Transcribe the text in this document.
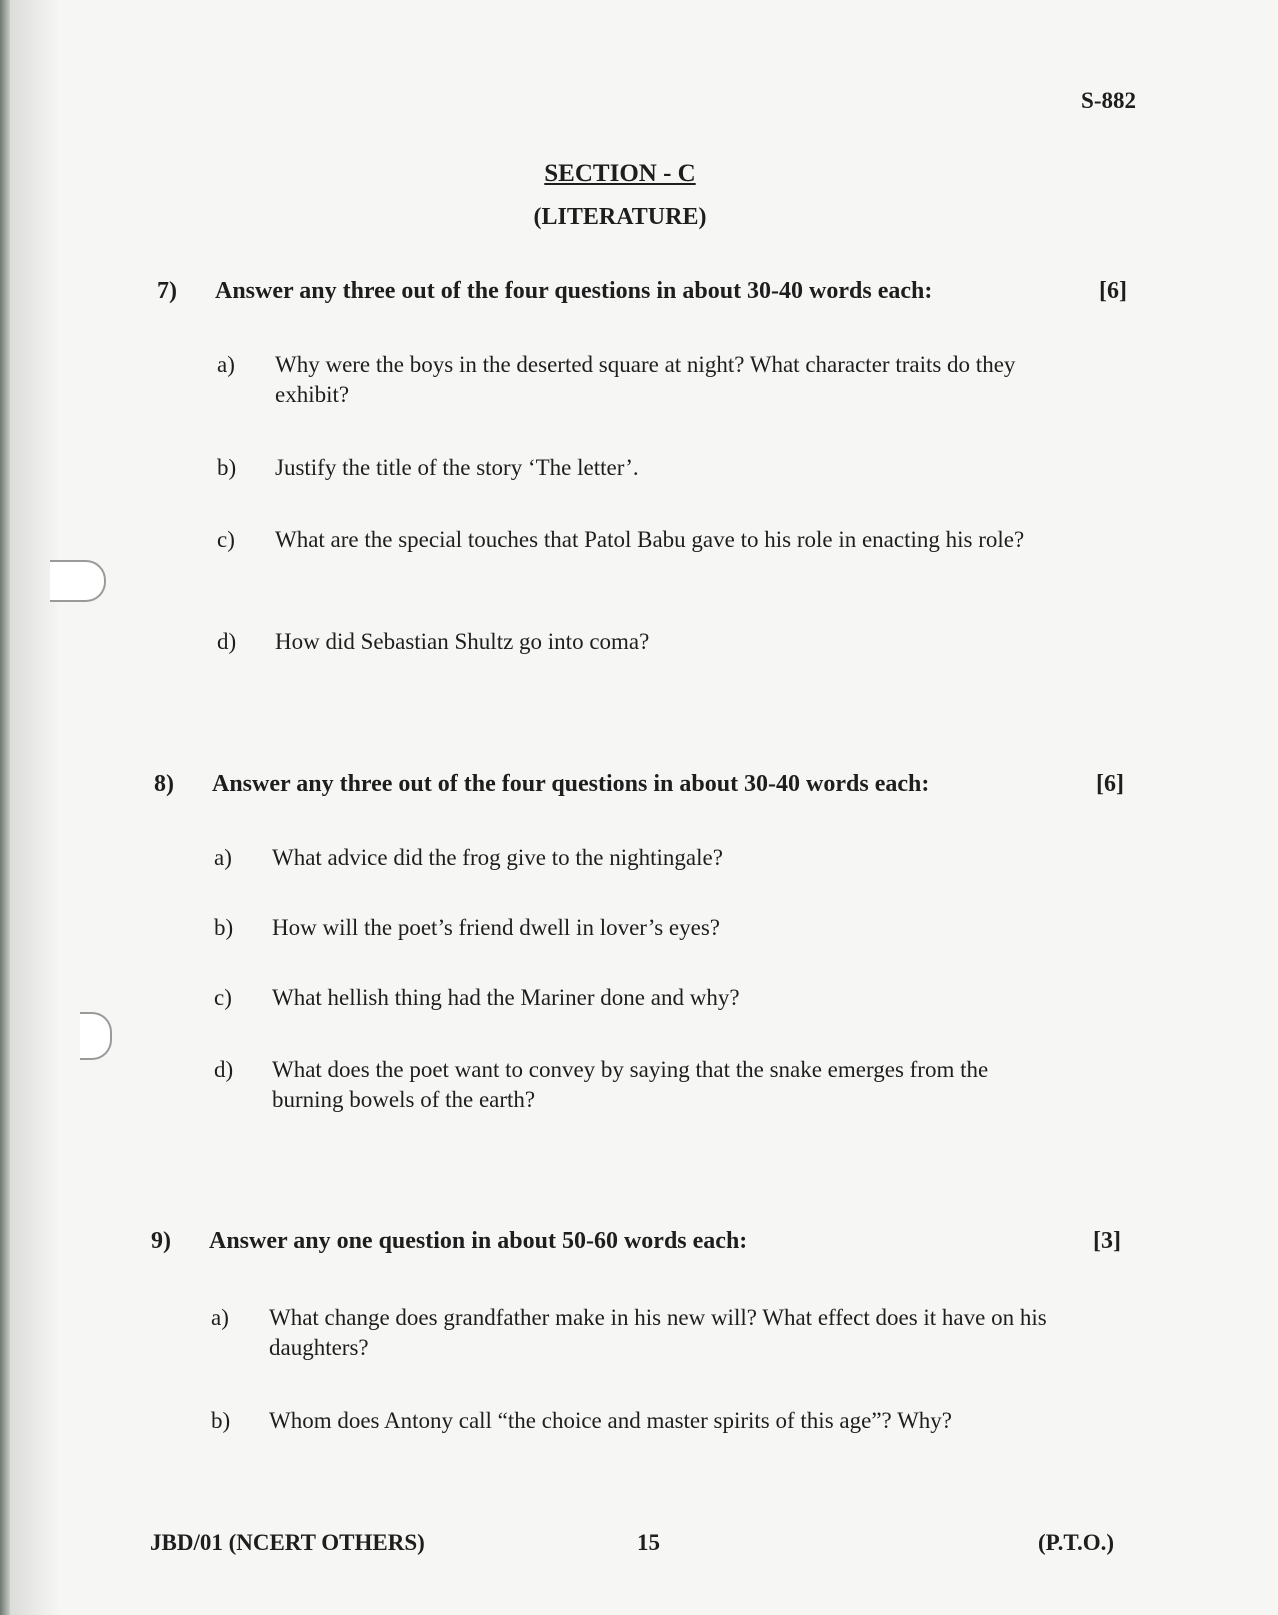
S-882
SECTION - C
(LITERATURE)
7) Answer any three out of the four questions in about 30-40 words each:	[6]
a) Why were the boys in the deserted square at night? What character traits do they exhibit?
b) Justify the title of the story ‘The letter’.
c) What are the special touches that Patol Babu gave to his role in enacting his role?
d) How did Sebastian Shultz go into coma?
8) Answer any three out of the four questions in about 30-40 words each:	[6]
a) What advice did the frog give to the nightingale?
b) How will the poet’s friend dwell in lover’s eyes?
c) What hellish thing had the Mariner done and why?
d) What does the poet want to convey by saying that the snake emerges from the burning bowels of the earth?
9) Answer any one question in about 50-60 words each:	[3]
a) What change does grandfather make in his new will? What effect does it have on his daughters?
b) Whom does Antony call “the choice and master spirits of this age”? Why?
JBD/01 (NCERT OTHERS)	15	(P.T.O.)
